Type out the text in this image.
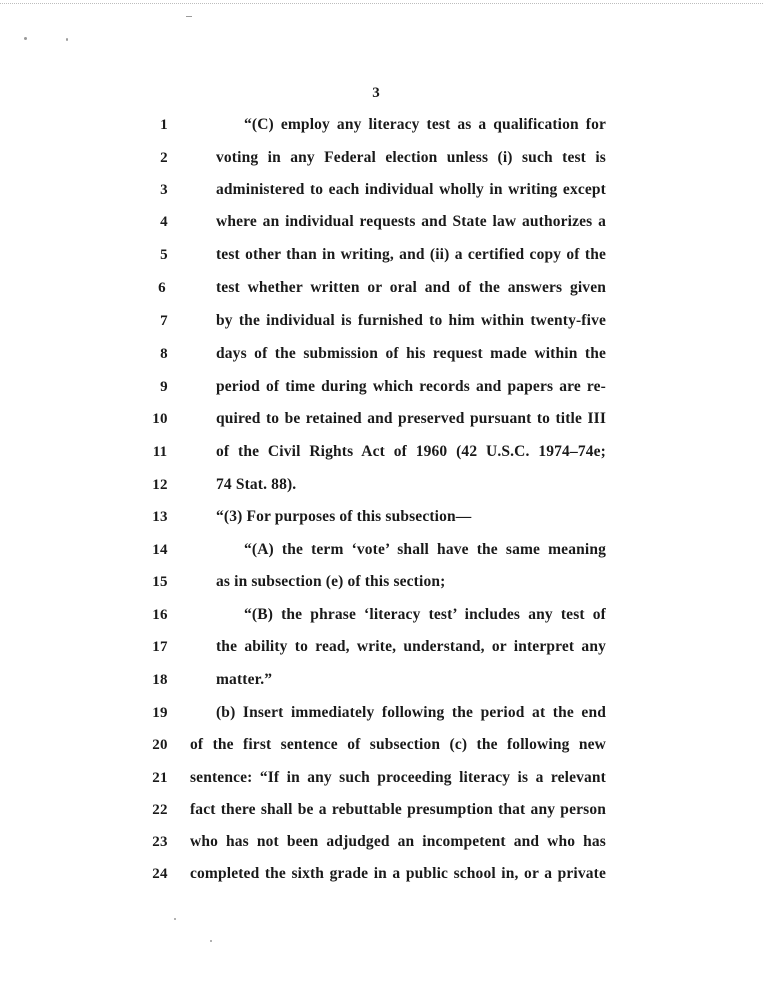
3
1	“(C) employ any literacy test as a qualification for
2	voting in any Federal election unless (i) such test is
3	administered to each individual wholly in writing except
4	where an individual requests and State law authorizes a
5	test other than in writing, and (ii) a certified copy of the
6	test whether written or oral and of the answers given
7	by the individual is furnished to him within twenty-five
8	days of the submission of his request made within the
9	period of time during which records and papers are re-
10	quired to be retained and preserved pursuant to title III
11	of the Civil Rights Act of 1960 (42 U.S.C. 1974–74e;
12	74 Stat. 88).
13	“(3) For purposes of this subsection—
14	“(A) the term ‘vote’ shall have the same meaning
15	as in subsection (e) of this section;
16	“(B) the phrase ‘literacy test’ includes any test of
17	the ability to read, write, understand, or interpret any
18	matter.”
19	(b) Insert immediately following the period at the end
20	of the first sentence of subsection (c) the following new
21	sentence: “If in any such proceeding literacy is a relevant
22	fact there shall be a rebuttable presumption that any person
23	who has not been adjudged an incompetent and who has
24	completed the sixth grade in a public school in, or a private
